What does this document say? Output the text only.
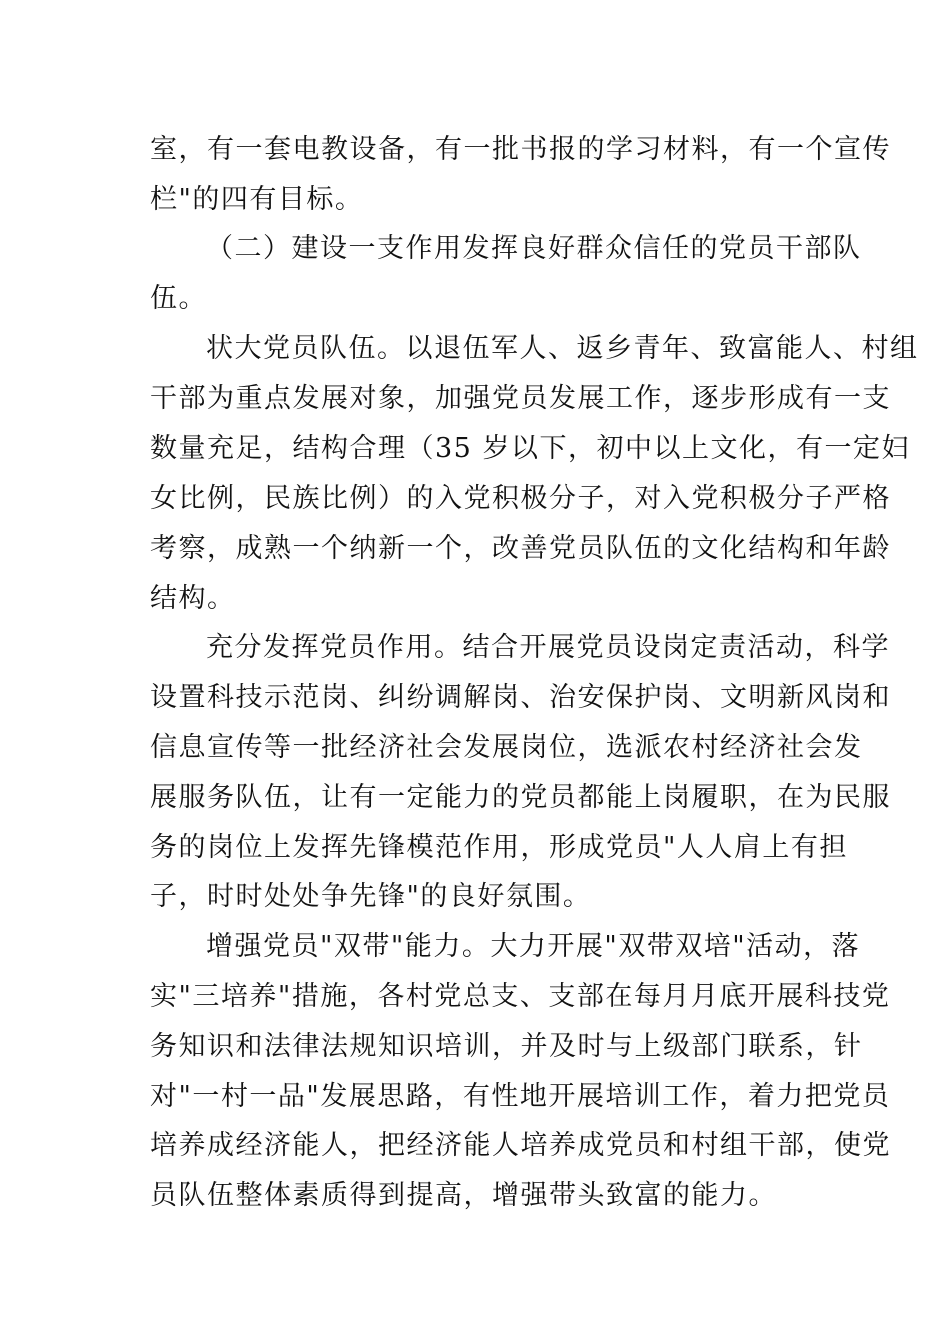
室，有一套电教设备，有一批书报的学习材料，有一个宣传
栏"的四有目标。
（二）建设一支作用发挥良好群众信任的党员干部队
伍。
状大党员队伍。以退伍军人、返乡青年、致富能人、村组
干部为重点发展对象，加强党员发展工作，逐步形成有一支
数量充足，结构合理（35 岁以下，初中以上文化，有一定妇
女比例，民族比例）的入党积极分子，对入党积极分子严格
考察，成熟一个纳新一个，改善党员队伍的文化结构和年龄
结构。
充分发挥党员作用。结合开展党员设岗定责活动，科学
设置科技示范岗、纠纷调解岗、治安保护岗、文明新风岗和
信息宣传等一批经济社会发展岗位，选派农村经济社会发
展服务队伍，让有一定能力的党员都能上岗履职，在为民服
务的岗位上发挥先锋模范作用，形成党员"人人肩上有担
子，时时处处争先锋"的良好氛围。
增强党员"双带"能力。大力开展"双带双培"活动，落
实"三培养"措施，各村党总支、支部在每月月底开展科技党
务知识和法律法规知识培训，并及时与上级部门联系，针
对"一村一品"发展思路，有性地开展培训工作，着力把党员
培养成经济能人，把经济能人培养成党员和村组干部，使党
员队伍整体素质得到提高，增强带头致富的能力。
